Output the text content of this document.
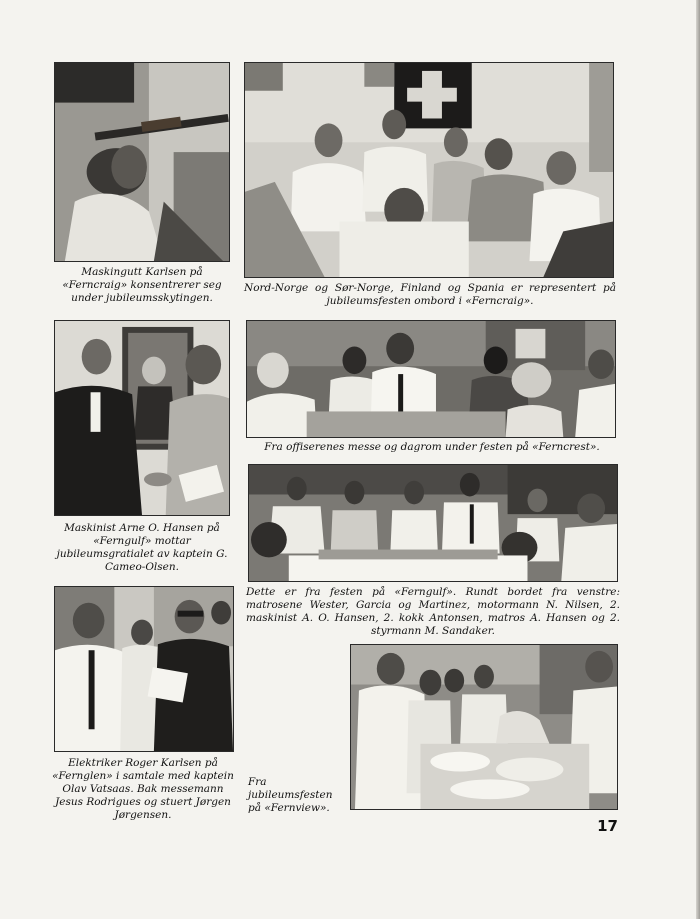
Maskingutt Karlsen på «Ferncraig» konsentrerer seg under jubileumsskytingen.

Nord-Norge og Sør-Norge, Finland og Spania er representert på jubileumsfesten ombord i «Ferncraig».

Maskinist Arne O. Hansen på «Ferngulf» mottar jubileumsgratialet av kaptein G. Cameo-Olsen.

Fra offiserenes messe og dagrom under festen på «Ferncrest».

Dette er fra festen på «Ferngulf». Rundt bordet fra venstre: matrosene Wester, Garcia og Martinez, motormann N. Nilsen, 2. maskinist A. O. Hansen, 2. kokk Antonsen, matros A. Hansen og 2. styrmann M. Sandaker.

Elektriker Roger Karlsen på «Fernglen» i samtale med kaptein Olav Vatsaas. Bak messemann Jesus Rodrigues og stuert Jørgen Jørgensen.

Fra jubileumsfesten på «Fernview».

17
